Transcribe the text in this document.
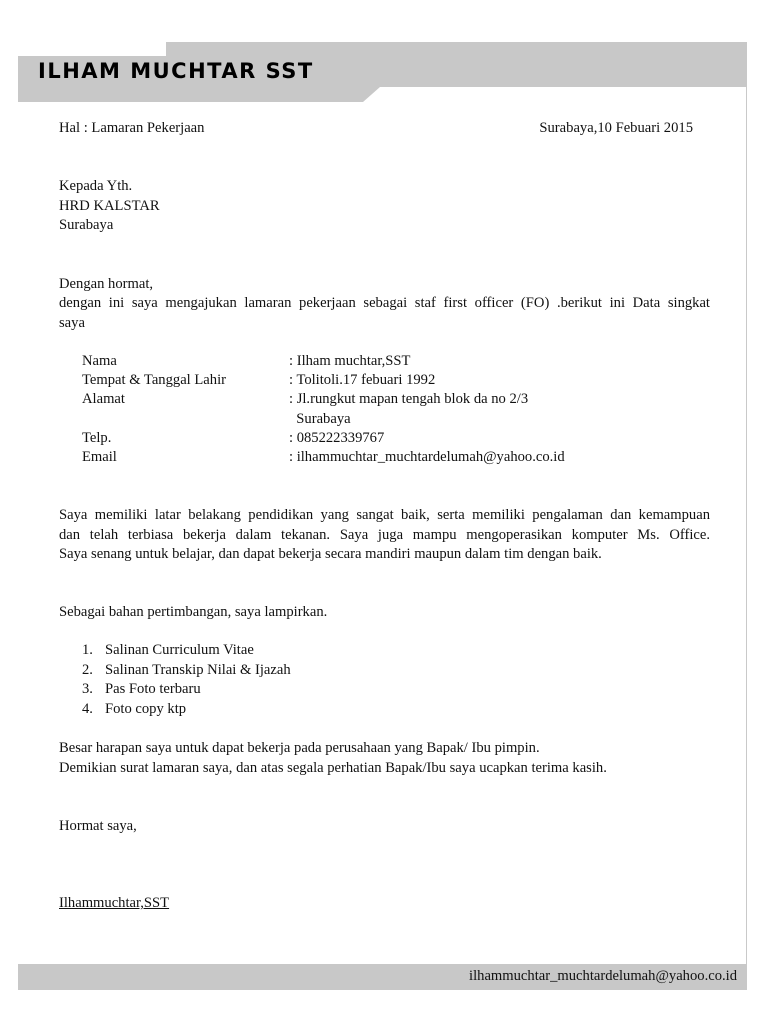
ILHAM MUCHTAR SST

Hal : Lamaran Pekerjaan	Surabaya,10 Febuari 2015

Kepada Yth.

HRD KALSTAR

Surabaya

Dengan hormat,

dengan ini saya mengajukan lamaran pekerjaan sebagai staf first officer (FO) .berikut ini Data singkat
saya

Nama	: Ilham muchtar,SST

Tempat & Tanggal Lahir	: Tolitoli.17 febuari 1992

Alamat	: Jl.rungkut mapan tengah blok da no 2/3

Surabaya

Telp.	: 085222339767

Email	: ilhammuchtar_muchtardelumah@yahoo.co.id

Saya memiliki latar belakang pendidikan yang sangat baik, serta memiliki pengalaman dan kemampuan
dan telah terbiasa bekerja dalam tekanan. Saya juga mampu mengoperasikan komputer Ms. Office.
Saya senang untuk belajar, dan dapat bekerja secara mandiri maupun dalam tim dengan baik.

Sebagai bahan pertimbangan, saya lampirkan.

1. Salinan Curriculum Vitae
2. Salinan Transkip Nilai & Ijazah
3. Pas Foto terbaru
4. Foto copy ktp

Besar harapan saya untuk dapat bekerja pada perusahaan yang Bapak/ Ibu pimpin.

Demikian surat lamaran saya, dan atas segala perhatian Bapak/Ibu saya ucapkan terima kasih.

Hormat saya,

Ilhammuchtar,SST

ilhammuchtar_muchtardelumah@yahoo.co.id
